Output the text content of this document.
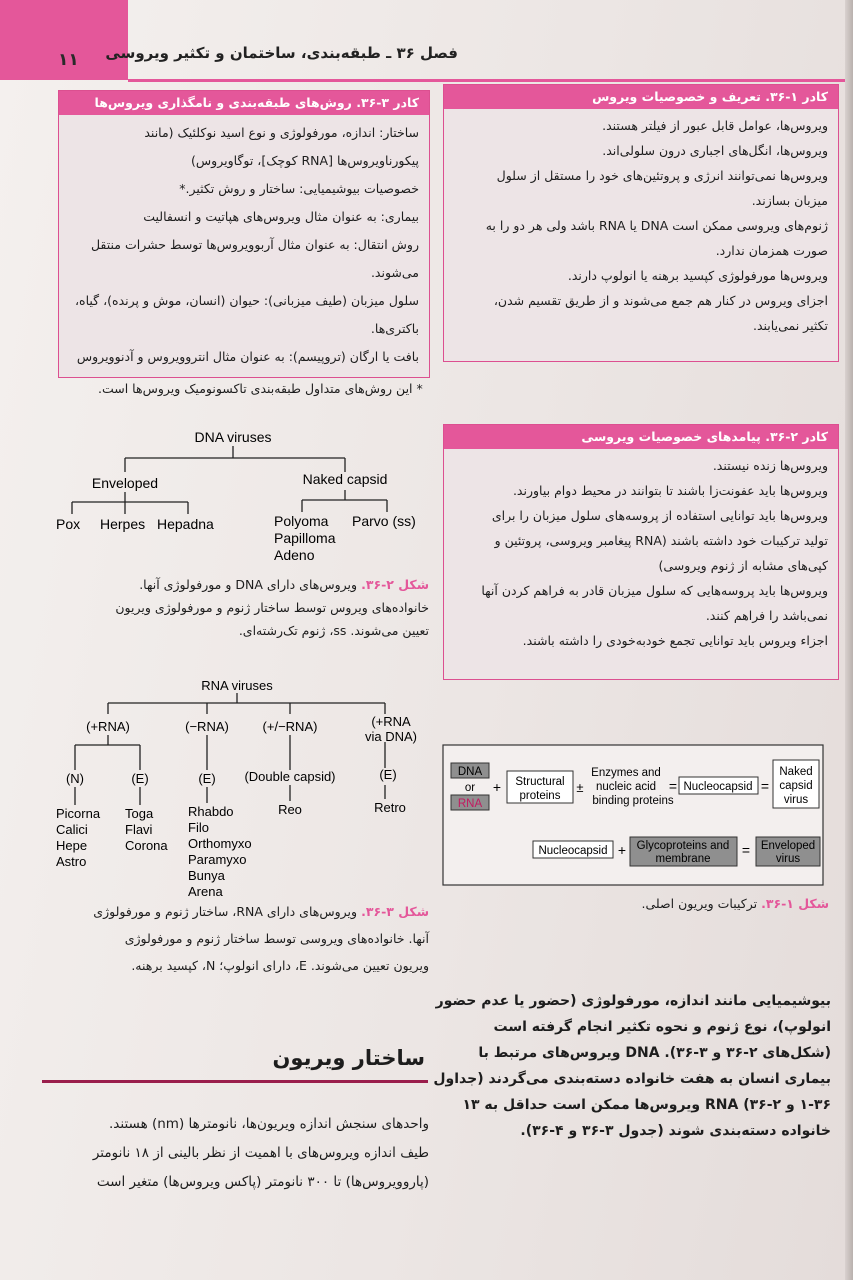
۱۱ فصل ۳۶ ـ طبقه‌بندی، ساختمان و تکثیر ویروسی
کادر ۱-۳۶. تعریف و خصوصیات ویروس
ویروس‌ها، عوامل قابل عبور از فیلتر هستند.
ویروس‌ها، انگل‌های اجباری درون سلولی‌اند.
ویروس‌ها نمی‌توانند انرژی و پروتئین‌های خود را مستقل از سلول
میزبان بسازند.
ژنوم‌های ویروسی ممکن است DNA یا RNA باشد ولی هر دو را به
صورت همزمان ندارد.
ویروس‌ها مورفولوژی کپسید برهنه یا انولوپ دارند.
اجزای ویروس در کنار هم جمع می‌شوند و از طریق تقسیم شدن،
تکثیر نمی‌یابند.
کادر ۲-۳۶. پیامدهای خصوصیات ویروسی
ویروس‌ها زنده نیستند.
ویروس‌ها باید عفونت‌زا باشند تا بتوانند در محیط دوام بیاورند.
ویروس‌ها باید توانایی استفاده از پروسه‌های سلول میزبان را برای
تولید ترکیبات خود داشته باشند (RNA پیغامبر ویروسی، پروتئین و
کپی‌های مشابه از ژنوم ویروسی)
ویروس‌ها باید پروسه‌هایی که سلول میزبان قادر به فراهم کردن آنها
نمی‌باشد را فراهم کنند.
اجزاء ویروس باید توانایی تجمع خودبه‌خودی را داشته باشند.
کادر ۳-۳۶. روش‌های طبقه‌بندی و نامگذاری ویروس‌ها
ساختار: اندازه، مورفولوژی و نوع اسید نوکلئیک (مانند
پیکورناویروس‌ها [RNA کوچک]، توگاویروس)
خصوصیات بیوشیمیایی: ساختار و روش تکثیر.*
بیماری: به عنوان مثال ویروس‌های هپاتیت و انسفالیت
روش انتقال: به عنوان مثال آربوویروس‌ها توسط حشرات منتقل
می‌شوند.
سلول میزبان (طیف میزبانی): حیوان (انسان، موش و پرنده)، گیاه،
باکتری‌ها.
بافت یا ارگان (تروپیسم): به عنوان مثال انتروویروس و آدنوویروس
* این روش‌های متداول طبقه‌بندی تاکسونومیک ویروس‌ها است.
DNA viruses
Enveloped	Naked capsid
Pox Herpes Hepadna	Polyoma
Papilloma
Adeno
Parvo (ss)
شکل ۲-۳۶. ویروس‌های دارای DNA و مورفولوژی آنها.
خانواده‌های ویروس توسط ساختار ژنوم و مورفولوژی ویریون
تعیین می‌شوند. ss، ژنوم تک‌رشته‌ای.
RNA viruses
(+RNA)	(−RNA)	(+/−RNA)	(+RNA
via DNA)
(N)	(E)	(E) (Double capsid)	(E)
Picorna
Calici
Hepe
Astro
Toga
Flavi
Corona
Rhabdo
Filo
Orthomyxo
Paramyxo
Bunya
Arena
Reo	Retro
شکل ۳-۳۶. ویروس‌های دارای RNA، ساختار ژنوم و مورفولوژی
آنها. خانواده‌های ویروسی توسط ساختار ژنوم و مورفولوژی
ویریون تعیین می‌شوند. E، دارای انولوپ؛ N، کپسید برهنه.
DNA
or
RNA
+ Structural
proteins
±
Enzymes and
nucleic acid
binding proteins
= Nucleocapsid =
Naked
capsid
virus
Nucleocapsid + Glycoproteins and
membrane
= Enveloped
virus
شکل ۱-۳۶. ترکیبات ویریون اصلی.
ساختار ویریون
واحدهای سنجش اندازه ویریون‌ها، نانومترها (nm) هستند.
طیف اندازه ویروس‌های با اهمیت از نظر بالینی از ۱۸ نانومتر
(پاروویروس‌ها) تا ۳۰۰ نانومتر (پاکس ویروس‌ها) متغیر است
بیوشیمیایی مانند اندازه، مورفولوژی (حضور یا عدم حضور
انولوپ)، نوع ژنوم و نحوه تکثیر انجام گرفته است
(شکل‌های ۲-۳۶ و ۳-۳۶). DNA ویروس‌های مرتبط با
بیماری انسان به هفت خانواده دسته‌بندی می‌گردند (جداول
۱-۳۶ و ۲-۳۶) RNA ویروس‌ها ممکن است حداقل به ۱۳
خانواده دسته‌بندی شوند (جدول ۳-۳۶ و ۴-۳۶).
